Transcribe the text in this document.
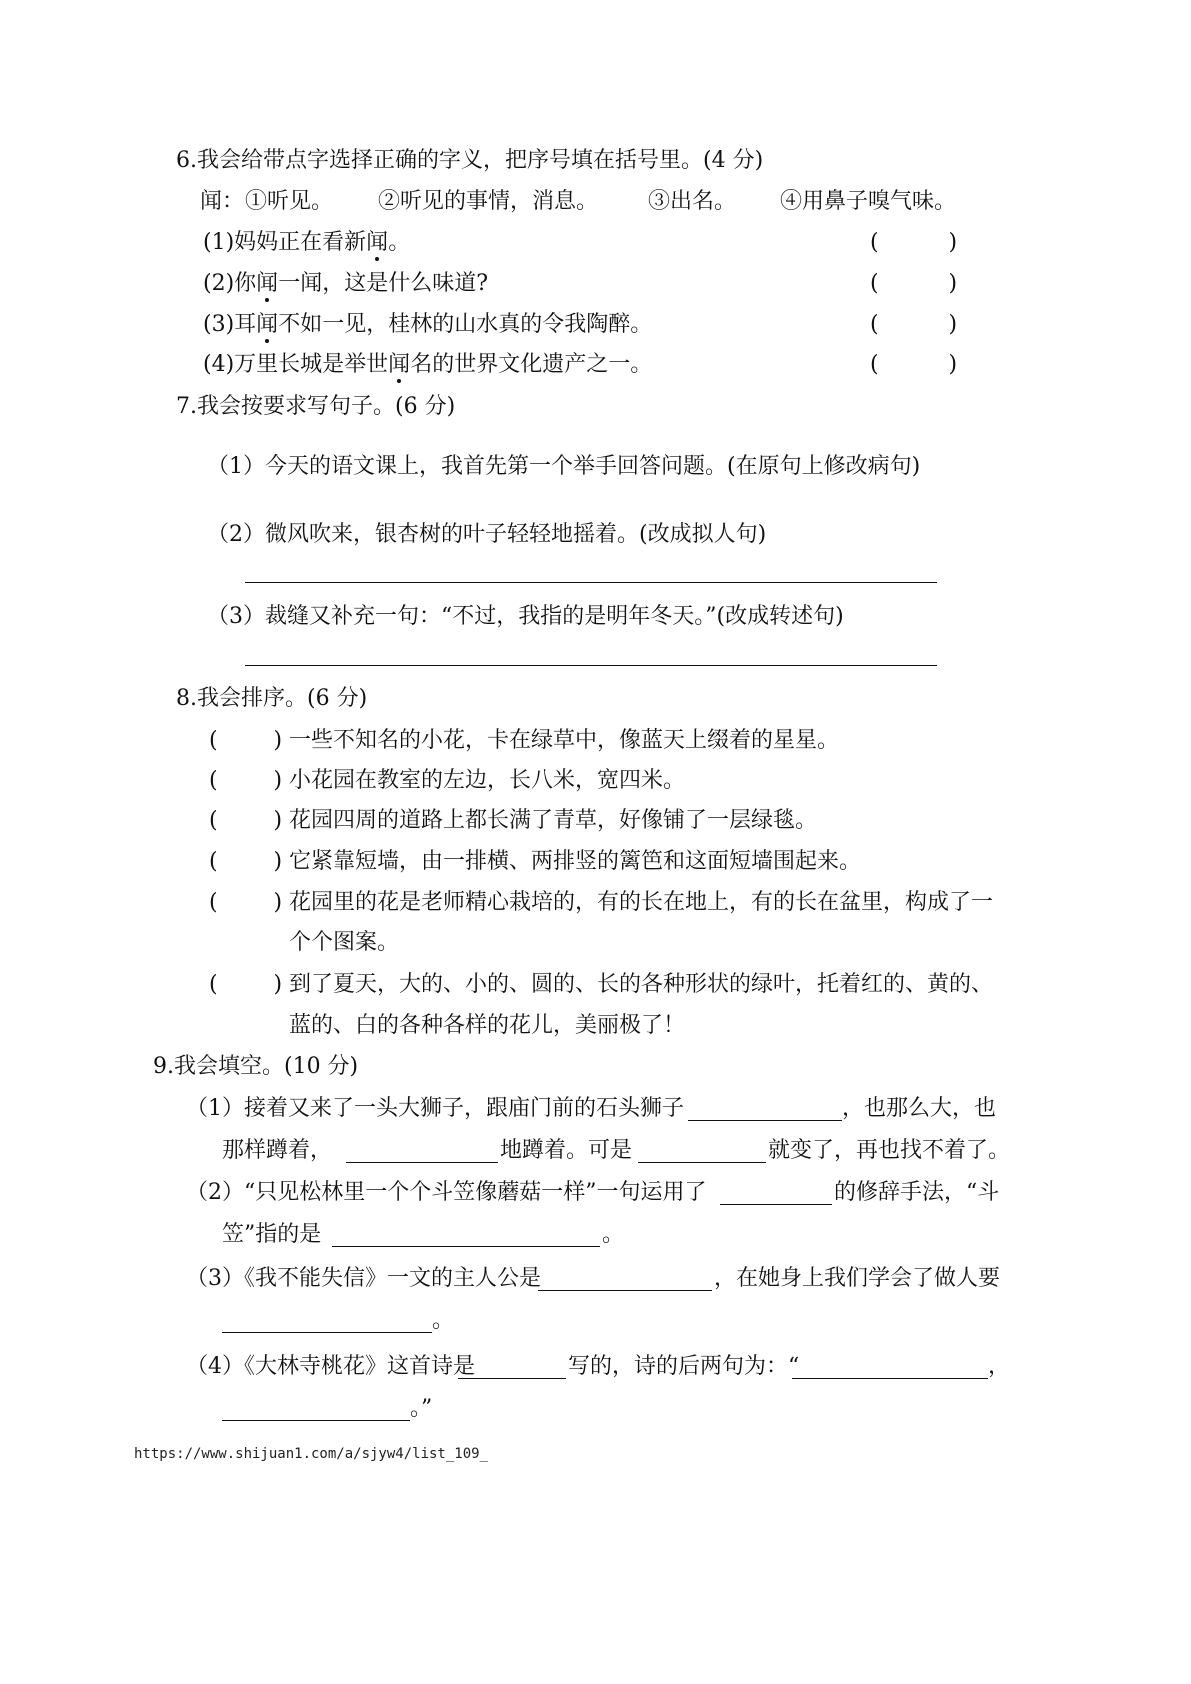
6.我会给带点字选择正确的字义，把序号填在括号里。(4 分)
闻： ①听见。 ②听见的事情，消息。 ③出名。 ④用鼻子嗅气味。
(1)妈妈正在看新闻。	(          )
(2)你闻一闻，这是什么味道?	(          )
(3)耳闻不如一见，桂林的山水真的令我陶醉。	(          )
(4)万里长城是举世闻名的世界文化遗产之一。	(          )
7.我会按要求写句子。(6 分)
（1）今天的语文课上，我首先第一个举手回答问题。(在原句上修改病句)
（2）微风吹来，银杏树的叶子轻轻地摇着。(改成拟人句)
（3）裁缝又补充一句：“不过，我指的是明年冬天。”(改成转述句)
8.我会排序。(6 分)
(        ) 一些不知名的小花，卡在绿草中，像蓝天上缀着的星星。
(        ) 小花园在教室的左边，长八米，宽四米。
(        ) 花园四周的道路上都长满了青草，好像铺了一层绿毯。
(        ) 它紧靠短墙，由一排横、两排竖的篱笆和这面短墙围起来。
(        ) 花园里的花是老师精心栽培的，有的长在地上，有的长在盆里，构成了一
个个图案。
(        ) 到了夏天，大的、小的、圆的、长的各种形状的绿叶，托着红的、黄的、
蓝的、白的各种各样的花儿，美丽极了！
9.我会填空。(10 分)
（1）接着又来了一头大狮子，跟庙门前的石头狮子	，也那么大，也
那样蹲着，	地蹲着。可是	就变了，再也找不着了。
（2）“只见松林里一个个斗笠像蘑菇一样”一句运用了	的修辞手法，“斗
笠”指的是	。
（3）《我不能失信》一文的主人公是	，在她身上我们学会了做人要
。
（4）《大林寺桃花》这首诗是	写的，诗的后两句为：“	，
。”
https://www.shijuan1.com/a/sjyw4/list_109_
